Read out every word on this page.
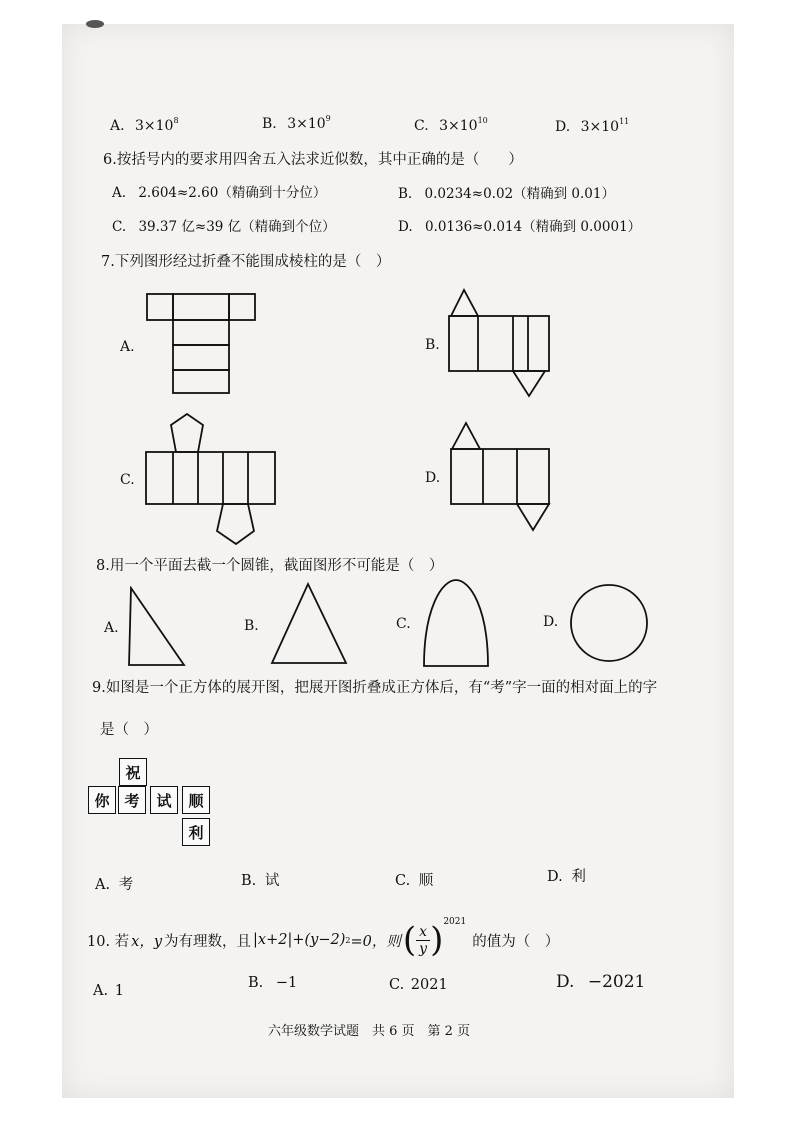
A. $3\times 10^8$	B. $3\times 10^9$	C. $3\times 10^{10}$	D. $3\times 10^{11}$
6.按括号内的要求用四舍五入法求近似数，其中正确的是（　　）
A. 2.604≈2.60（精确到十分位）	B. 0.0234≈0.02（精确到 0.01）
C. 39.37 亿≈39 亿（精确到个位）	D. 0.0136≈0.014（精确到 0.0001）
7.下列图形经过折叠不能围成棱柱的是（　）
A.	B.
C.	D.
8.用一个平面去截一个圆锥，截面图形不可能是（　）
A.	B.	C.	D.
9.如图是一个正方体的展开图，把展开图折叠成正方体后，有“考”字一面的相对面上的字
是（　）
祝
你 考	试	顺
利
A. 考	B. 试	C. 顺	D. 利
10. 若 x，y 为有理数，且 |x+2|+(y−2) 2 =0，则 ( $\frac{x}{y}$ ) 2021
的值为（　）
A. 1	B. −1	C. 2021	D. −2021
六年级数学试题　共 6 页　第 2 页
